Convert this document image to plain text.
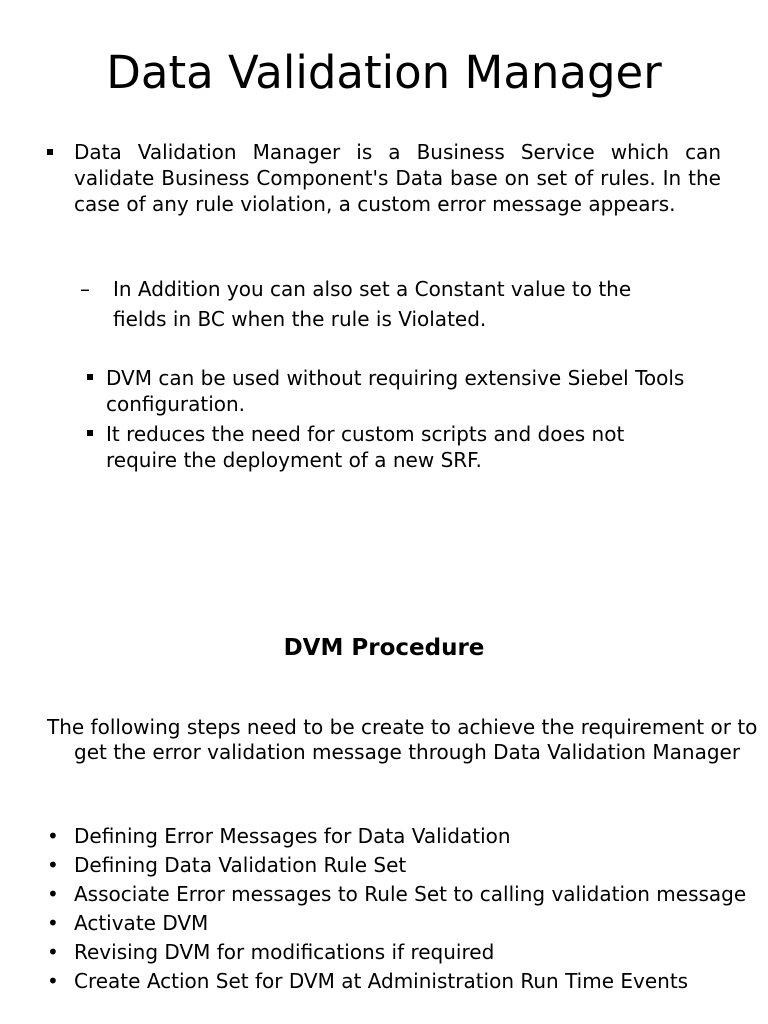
Data Validation Manager
Data Validation Manager is a Business Service which can validate Business Component's Data base on set of rules. In the case of any rule violation, a custom error message appears.
– In Addition you can also set a Constant value to the fields in BC when the rule is Violated.
DVM can be used without requiring extensive Siebel Tools configuration.
It reduces the need for custom scripts and does not require the deployment of a new SRF.
DVM Procedure

The following steps need to be create to achieve the requirement or to get the error validation message through Data Validation Manager

• Defining Error Messages for Data Validation
• Defining Data Validation Rule Set
• Associate Error messages to Rule Set to calling validation message
• Activate DVM
• Revising DVM for modifications if required
• Create Action Set for DVM at Administration Run Time Events
